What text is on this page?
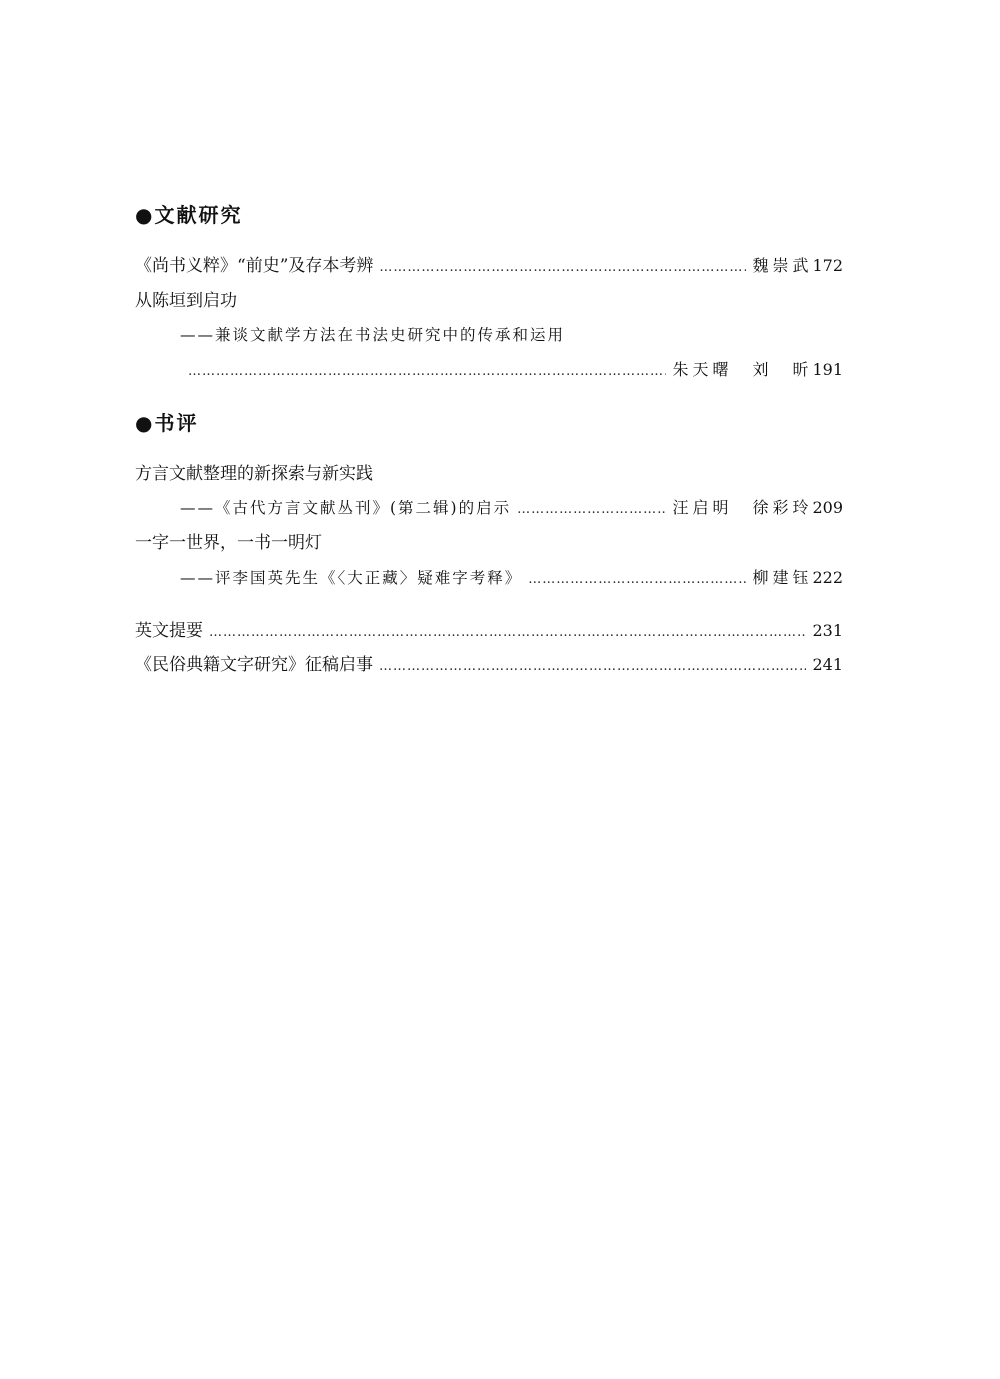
●文献研究
《尚书义粹》“前史”及存本考辨 ………………………………………………………………………………………………………………………………………………………………………………………………	魏崇武 172
从陈垣到启功
——兼谈文献学方法在书法史研究中的传承和运用
………………………………………………………………………………………………………………………………………………………………………………………………
朱天曙　刘　昕 191
●书评
方言文献整理的新探索与新实践
——《古代方言文献丛刊》(第二辑)的启示 ………………………………………………………………………………………………………………………………………………………………………………………………	汪启明　徐彩玲 209
一字一世界，一书一明灯
——评李国英先生《〈大正藏〉疑难字考释》 ………………………………………………………………………………………………………………………………………………………………………………………………	柳建钰 222
英文提要 ………………………………………………………………………………………………………………………………………………………………………………………………	231
《民俗典籍文字研究》征稿启事 ………………………………………………………………………………………………………………………………………………………………………………………………	241
